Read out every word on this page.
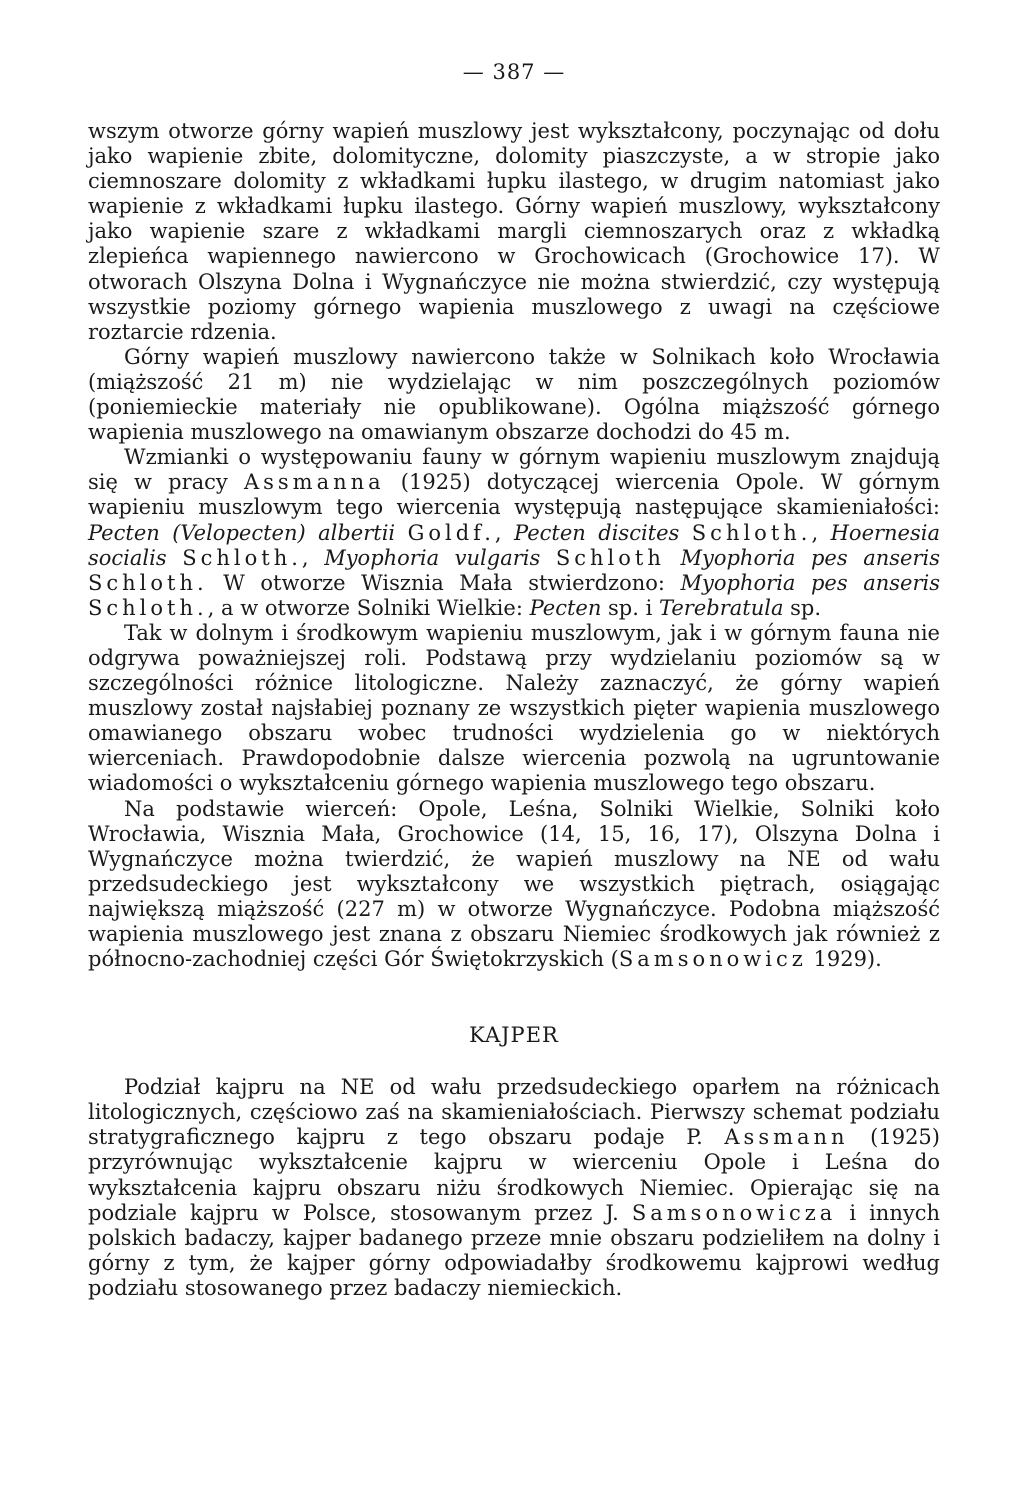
— 387 —

wszym otworze górny wapień muszlowy jest wykształcony, poczynając od dołu jako wapienie zbite, dolomityczne, dolomity piaszczyste, a w stropie jako ciemnoszare dolomity z wkładkami łupku ilastego, w drugim natomiast jako wapienie z wkładkami łupku ilastego. Górny wapień muszlowy, wykształcony jako wapienie szare z wkładkami margli ciemnoszarych oraz z wkładką zlepieńca wapiennego nawiercono w Grochowicach (Grochowice 17). W otworach Olszyna Dolna i Wygnańczyce nie można stwierdzić, czy występują wszystkie poziomy górnego wapienia muszlowego z uwagi na częściowe roztarcie rdzenia.

Górny wapień muszlowy nawiercono także w Solnikach koło Wrocławia (miąższość 21 m) nie wydzielając w nim poszczególnych poziomów (poniemieckie materiały nie opublikowane). Ogólna miąższość górnego wapienia muszlowego na omawianym obszarze dochodzi do 45 m.

Wzmianki o występowaniu fauny w górnym wapieniu muszlowym znajdują się w pracy Assmanna (1925) dotyczącej wiercenia Opole. W górnym wapieniu muszlowym tego wiercenia występują następujące skamieniałości: Pecten (Velopecten) albertii Goldf., Pecten discites Schloth., Hoernesia socialis Schloth., Myophoria vulgaris Schloth Myophoria pes anseris Schloth. W otworze Wisznia Mała stwierdzono: Myophoria pes anseris Schloth., a w otworze Solniki Wielkie: Pecten sp. i Terebratula sp.

Tak w dolnym i środkowym wapieniu muszlowym, jak i w górnym fauna nie odgrywa poważniejszej roli. Podstawą przy wydzielaniu poziomów są w szczególności różnice litologiczne. Należy zaznaczyć, że górny wapień muszlowy został najsłabiej poznany ze wszystkich pięter wapienia muszlowego omawianego obszaru wobec trudności wydzielenia go w niektórych wierceniach. Prawdopodobnie dalsze wiercenia pozwolą na ugruntowanie wiadomości o wykształceniu górnego wapienia muszlowego tego obszaru.

Na podstawie wierceń: Opole, Leśna, Solniki Wielkie, Solniki koło Wrocławia, Wisznia Mała, Grochowice (14, 15, 16, 17), Olszyna Dolna i Wygnańczyce można twierdzić, że wapień muszlowy na NE od wału przedsudeckiego jest wykształcony we wszystkich piętrach, osiągając największą miąższość (227 m) w otworze Wygnańczyce. Podobna miąższość wapienia muszlowego jest znana z obszaru Niemiec środkowych jak również z północno-zachodniej części Gór Świętokrzyskich (Samsonowicz 1929).

KAJPER

Podział kajpru na NE od wału przedsudeckiego oparłem na różnicach litologicznych, częściowo zaś na skamieniałościach. Pierwszy schemat podziału stratygraficznego kajpru z tego obszaru podaje P. Assmann (1925) przyrównując wykształcenie kajpru w wierceniu Opole i Leśna do wykształcenia kajpru obszaru niżu środkowych Niemiec. Opierając się na podziale kajpru w Polsce, stosowanym przez J. Samsonowicza i innych polskich badaczy, kajper badanego przeze mnie obszaru podzieliłem na dolny i górny z tym, że kajper górny odpowiadałby środkowemu kajprowi według podziału stosowanego przez badaczy niemieckich.
